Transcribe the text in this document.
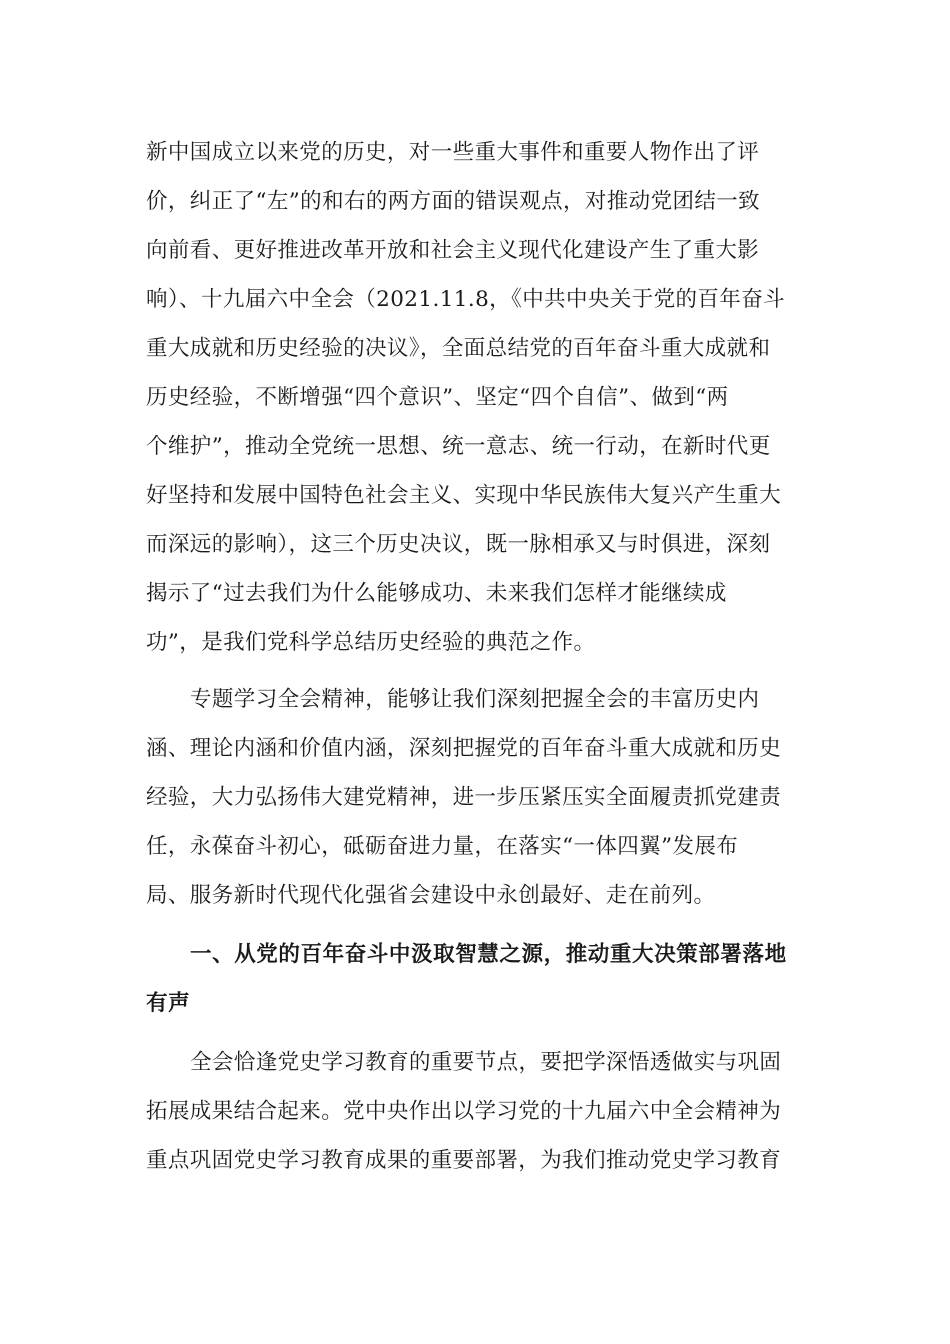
新中国成立以来党的历史，对一些重大事件和重要人物作出了评
价，纠正了“左”的和右的两方面的错误观点，对推动党团结一致
向前看、更好推进改革开放和社会主义现代化建设产生了重大影
响）、十九届六中全会（2021.11.8，《中共中央关于党的百年奋斗
重大成就和历史经验的决议》，全面总结党的百年奋斗重大成就和
历史经验，不断增强“四个意识”、坚定“四个自信”、做到“两
个维护”，推动全党统一思想、统一意志、统一行动，在新时代更
好坚持和发展中国特色社会主义、实现中华民族伟大复兴产生重大
而深远的影响），这三个历史决议，既一脉相承又与时俱进，深刻
揭示了“过去我们为什么能够成功、未来我们怎样才能继续成
功”，是我们党科学总结历史经验的典范之作。
专题学习全会精神，能够让我们深刻把握全会的丰富历史内
涵、理论内涵和价值内涵，深刻把握党的百年奋斗重大成就和历史
经验，大力弘扬伟大建党精神，进一步压紧压实全面履责抓党建责
任，永葆奋斗初心，砥砺奋进力量，在落实“一体四翼”发展布
局、服务新时代现代化强省会建设中永创最好、走在前列。
一、从党的百年奋斗中汲取智慧之源，推动重大决策部署落地
有声
全会恰逢党史学习教育的重要节点，要把学深悟透做实与巩固
拓展成果结合起来。党中央作出以学习党的十九届六中全会精神为
重点巩固党史学习教育成果的重要部署，为我们推动党史学习教育
